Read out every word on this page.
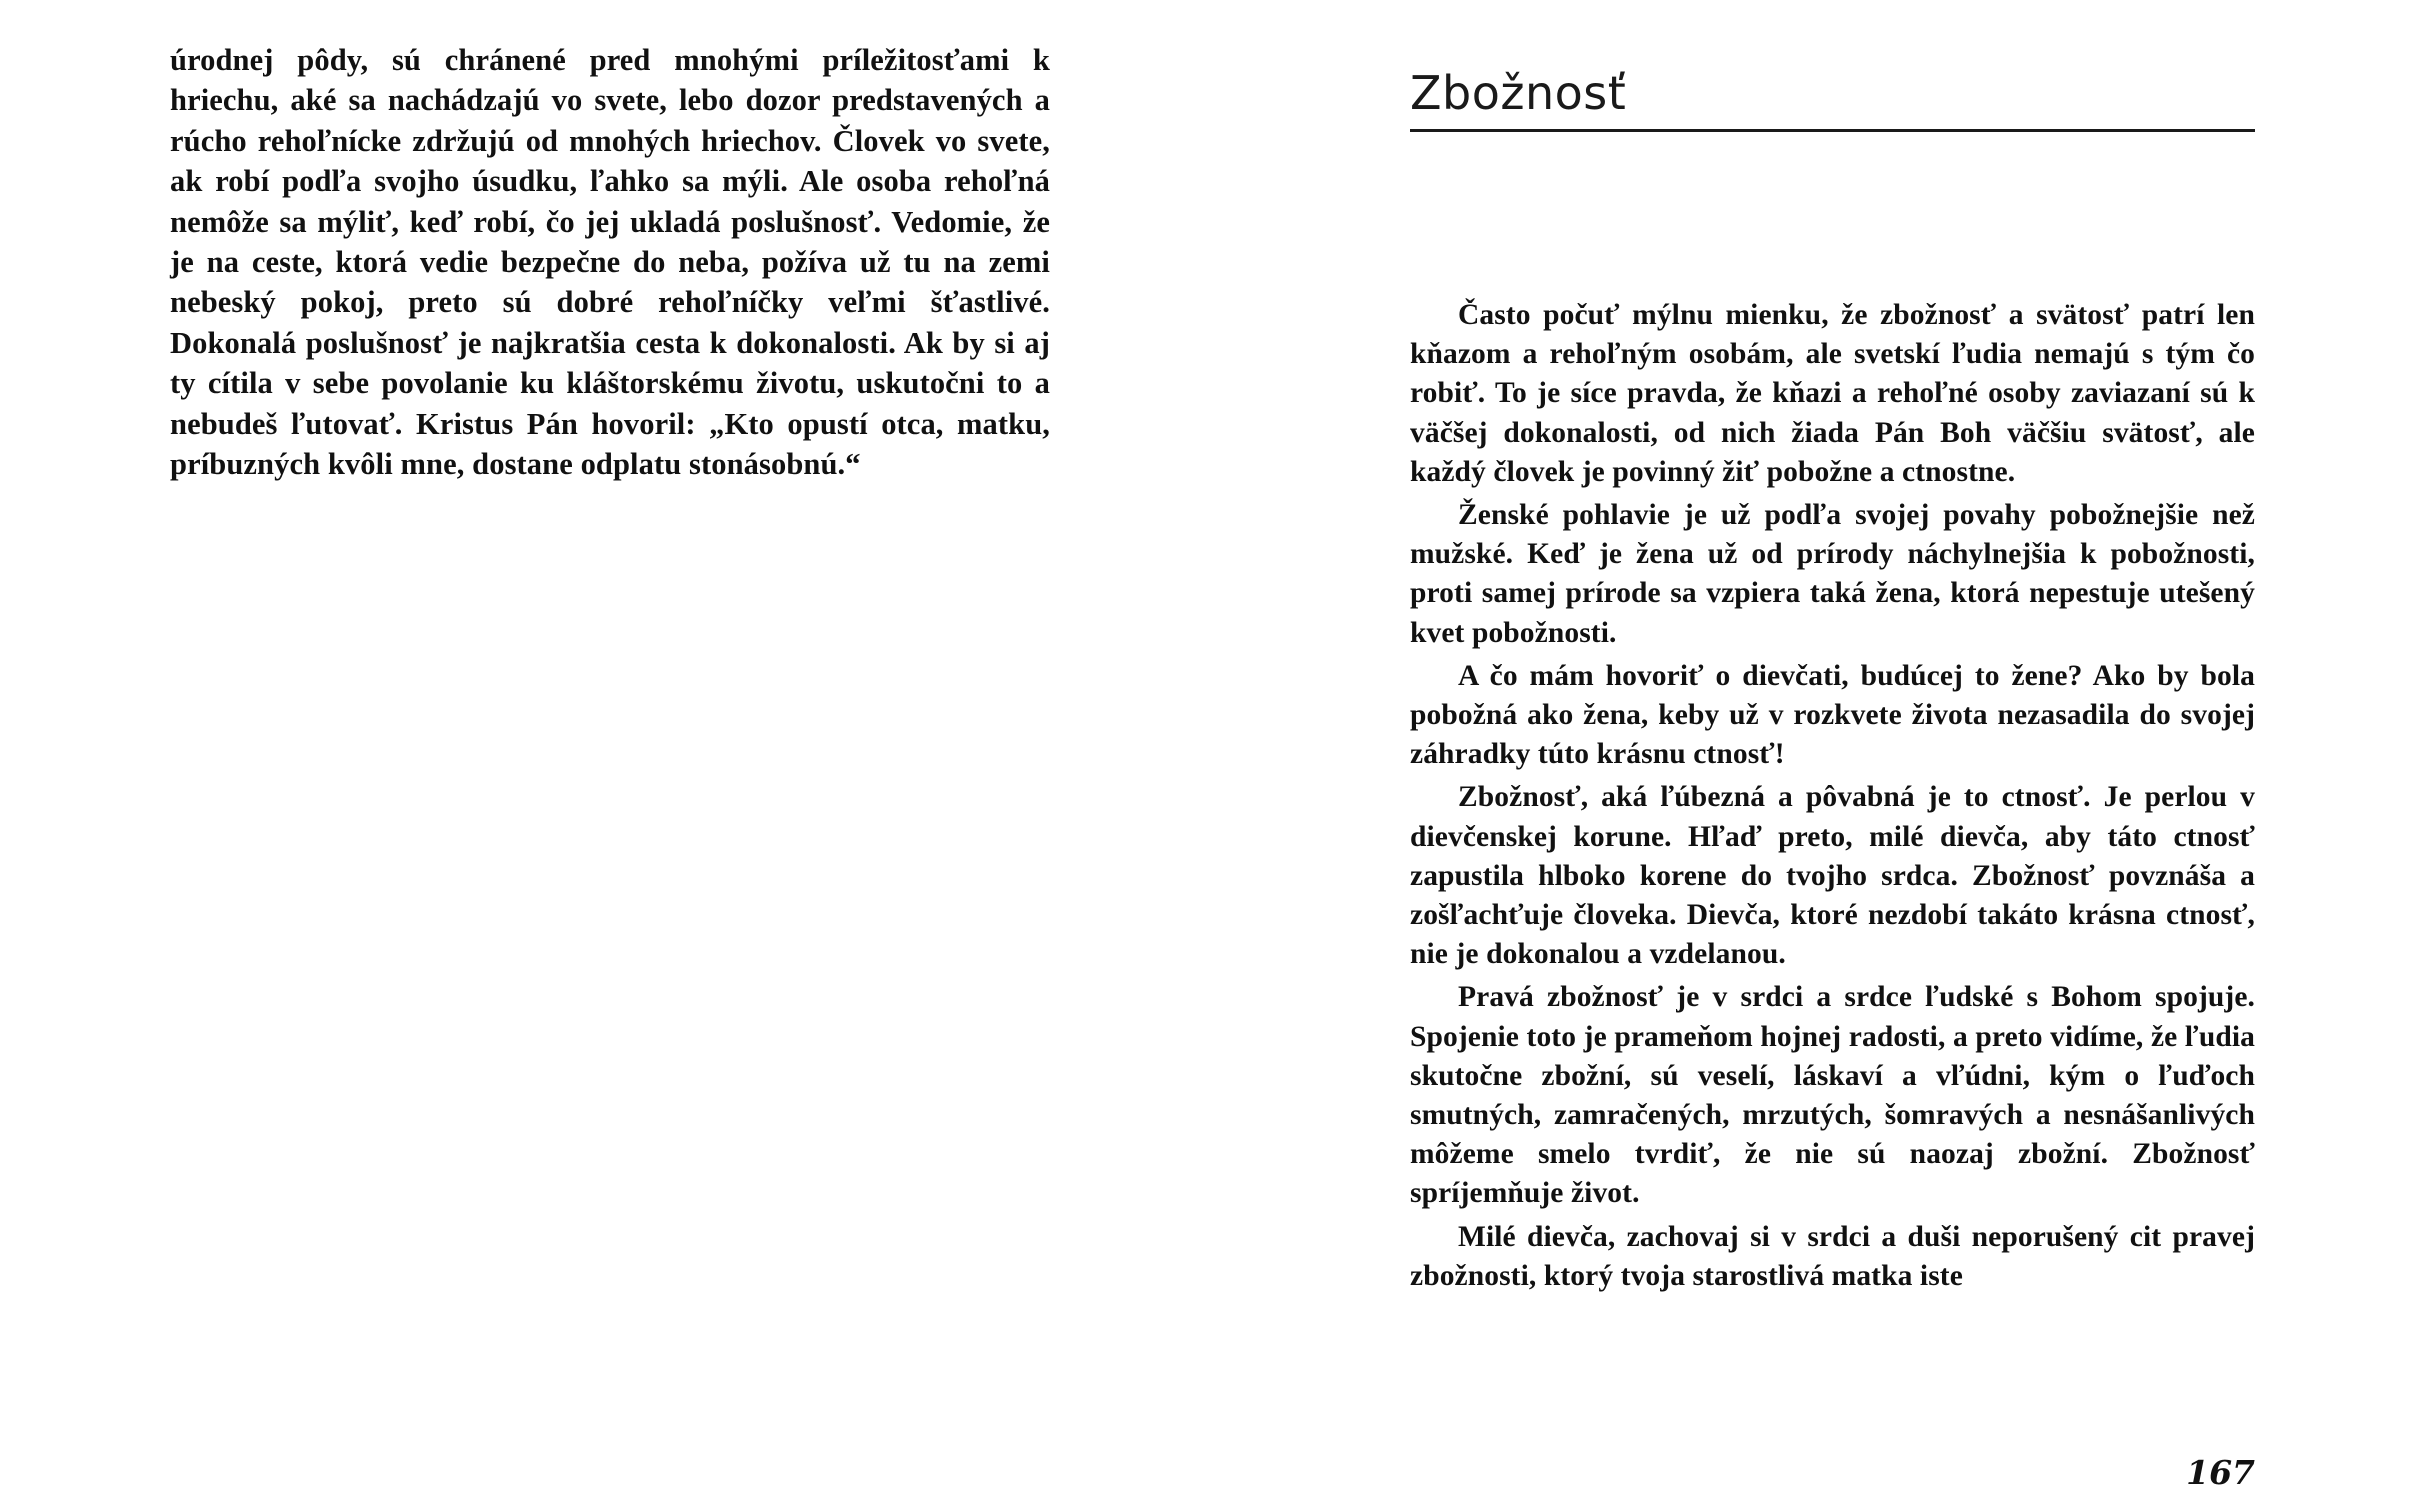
úrodnej pôdy, sú chránené pred mnohými príležitosťami k hriechu, aké sa nachádzajú vo svete, lebo dozor predstavených a rúcho rehoľnícke zdržujú od mnohých hriechov. Človek vo svete, ak robí podľa svojho úsudku, ľahko sa mýli. Ale osoba rehoľná nemôže sa mýliť, keď robí, čo jej ukladá poslušnosť. Vedomie, že je na ceste, ktorá vedie bezpečne do neba, požíva už tu na zemi nebeský pokoj, preto sú dobré rehoľníčky veľmi šťastlivé. Dokonalá poslušnosť je najkratšia cesta k dokonalosti. Ak by si aj ty cítila v sebe povolanie ku kláštorskému životu, uskutočni to a nebudeš ľutovať. Kristus Pán hovoril: „Kto opustí otca, matku, príbuzných kvôli mne, dostane odplatu stonásobnú.“

Zbožnosť

Často počuť mýlnu mienku, že zbožnosť a svätosť patrí len kňazom a rehoľným osobám, ale svetskí ľudia nemajú s tým čo robiť. To je síce pravda, že kňazi a rehoľné osoby zaviazaní sú k väčšej dokonalosti, od nich žiada Pán Boh väčšiu svätosť, ale každý človek je povinný žiť pobožne a ctnostne.

Ženské pohlavie je už podľa svojej povahy pobožnejšie než mužské. Keď je žena už od prírody náchylnejšia k pobožnosti, proti samej prírode sa vzpiera taká žena, ktorá nepestuje utešený kvet pobožnosti.

A čo mám hovoriť o dievčati, budúcej to žene? Ako by bola pobožná ako žena, keby už v rozkvete života nezasadila do svojej záhradky túto krásnu ctnosť!

Zbožnosť, aká ľúbezná a pôvabná je to ctnosť. Je perlou v dievčenskej korune. Hľaď preto, milé dievča, aby táto ctnosť zapustila hlboko korene do tvojho srdca. Zbožnosť povznáša a zošľachťuje človeka. Dievča, ktoré nezdobí takáto krásna ctnosť, nie je dokonalou a vzdelanou.

Pravá zbožnosť je v srdci a srdce ľudské s Bohom spojuje. Spojenie toto je prameňom hojnej radosti, a preto vidíme, že ľudia skutočne zbožní, sú veselí, láskaví a vľúdni, kým o ľuďoch smutných, zamračených, mrzutých, šomravých a nesnášanlivých môžeme smelo tvrdiť, že nie sú naozaj zbožní. Zbožnosť spríjemňuje život.

Milé dievča, zachovaj si v srdci a duši neporušený cit pravej zbožnosti, ktorý tvoja starostlivá matka iste

167
